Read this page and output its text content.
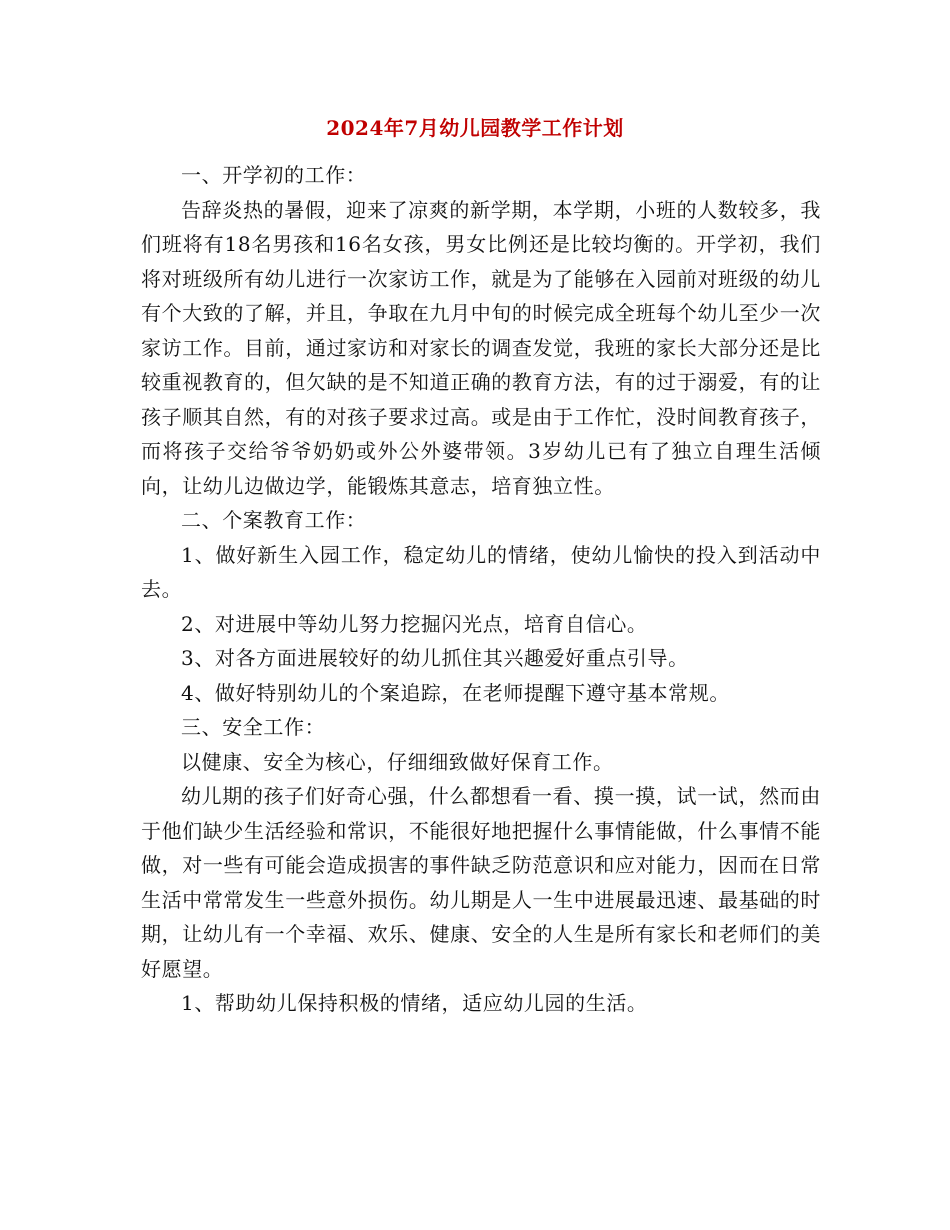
2024年7月幼儿园教学工作计划

一、开学初的工作：

告辞炎热的暑假，迎来了凉爽的新学期，本学期，小班的人数较多，我们班将有18名男孩和16名女孩，男女比例还是比较均衡的。开学初，我们将对班级所有幼儿进行一次家访工作，就是为了能够在入园前对班级的幼儿有个大致的了解，并且，争取在九月中旬的时候完成全班每个幼儿至少一次家访工作。目前，通过家访和对家长的调查发觉，我班的家长大部分还是比较重视教育的，但欠缺的是不知道正确的教育方法，有的过于溺爱，有的让孩子顺其自然，有的对孩子要求过高。或是由于工作忙，没时间教育孩子，而将孩子交给爷爷奶奶或外公外婆带领。3岁幼儿已有了独立自理生活倾向，让幼儿边做边学，能锻炼其意志，培育独立性。

二、个案教育工作：

1、做好新生入园工作，稳定幼儿的情绪，使幼儿愉快的投入到活动中去。

2、对进展中等幼儿努力挖掘闪光点，培育自信心。

3、对各方面进展较好的幼儿抓住其兴趣爱好重点引导。

4、做好特别幼儿的个案追踪，在老师提醒下遵守基本常规。

三、安全工作：

以健康、安全为核心，仔细细致做好保育工作。

幼儿期的孩子们好奇心强，什么都想看一看、摸一摸，试一试，然而由于他们缺少生活经验和常识，不能很好地把握什么事情能做，什么事情不能做，对一些有可能会造成损害的事件缺乏防范意识和应对能力，因而在日常生活中常常发生一些意外损伤。幼儿期是人一生中进展最迅速、最基础的时期，让幼儿有一个幸福、欢乐、健康、安全的人生是所有家长和老师们的美好愿望。

1、帮助幼儿保持积极的情绪，适应幼儿园的生活。
